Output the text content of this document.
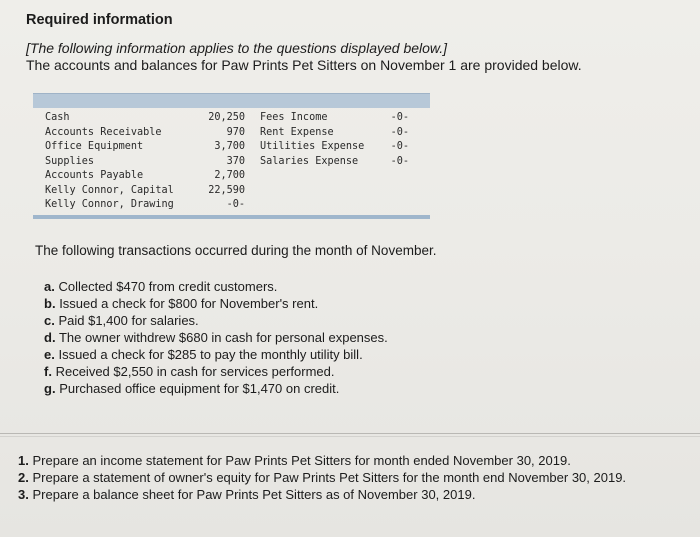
Required information
[The following information applies to the questions displayed below.]
The accounts and balances for Paw Prints Pet Sitters on November 1 are provided below.
Cash
Accounts Receivable
Office Equipment
Supplies
Accounts Payable
Kelly Connor, Capital
Kelly Connor, Drawing
20,250
970
3,700
370
2,700
22,590
-0-
Fees Income
Rent Expense
Utilities Expense
Salaries Expense
-0-
-0-
-0-
-0-
The following transactions occurred during the month of November.
a. Collected $470 from credit customers.
b. Issued a check for $800 for November's rent.
c. Paid $1,400 for salaries.
d. The owner withdrew $680 in cash for personal expenses.
e. Issued a check for $285 to pay the monthly utility bill.
f. Received $2,550 in cash for services performed.
g. Purchased office equipment for $1,470 on credit.
1. Prepare an income statement for Paw Prints Pet Sitters for month ended November 30, 2019.
2. Prepare a statement of owner's equity for Paw Prints Pet Sitters for the month end November 30, 2019.
3. Prepare a balance sheet for Paw Prints Pet Sitters as of November 30, 2019.
